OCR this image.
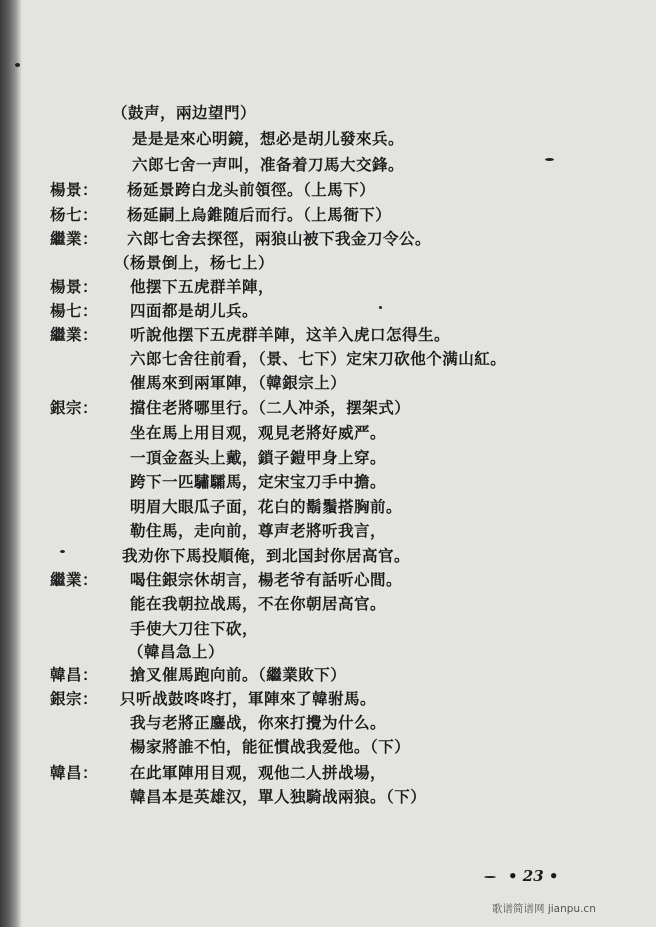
（鼓声，兩边望門）
是是是來心明鏡，想必是胡儿發來兵。
六郎七舍一声叫，准备着刀馬大交鋒。
楊景： 杨延景跨白龙头前領徑。（上馬下）
杨七： 杨延嗣上烏錐随后而行。（上馬衙下）
繼業： 六郎七舍去探徑，兩狼山被下我金刀令公。
（杨景倒上，杨七上）
楊景： 他摆下五虎群羊陣，
楊七： 四面都是胡儿兵。
繼業： 听說他摆下五虎群羊陣，这羊入虎口怎得生。
六郎七舍往前看，（景、七下）定宋刀砍他个满山紅。
催馬來到兩軍陣，（韓銀宗上）
銀宗： 擋住老將哪里行。（二人冲杀，摆架式）
坐在馬上用目观，观見老將好威严。
一頂金盔头上戴，鎖子鎧甲身上穿。
跨下一匹驌驦馬，定宋宝刀手中擔。
明眉大眼瓜子面，花白的鬍鬚搭胸前。
勒住馬，走向前，尊声老將听我言，
我劝你下馬投順俺，到北国封你居高官。
繼業： 喝住銀宗休胡言，楊老爷有話听心間。
能在我朝拉战馬，不在你朝居高官。
手使大刀往下砍，
（韓昌急上）
韓昌： 搶叉催馬跑向前。（繼業敗下）
銀宗： 只听战鼓咚咚打，軍陣來了韓驸馬。
我与老將正鏖战，你來打攪为什么。
楊家將誰不怕，能征慣战我爱他。（下）
韓昌： 在此軍陣用目观，观他二人拼战場，
韓昌本是英雄汉，單人独騎战兩狼。（下）
• 23 •
歌谱简谱网 jianpu.cn
